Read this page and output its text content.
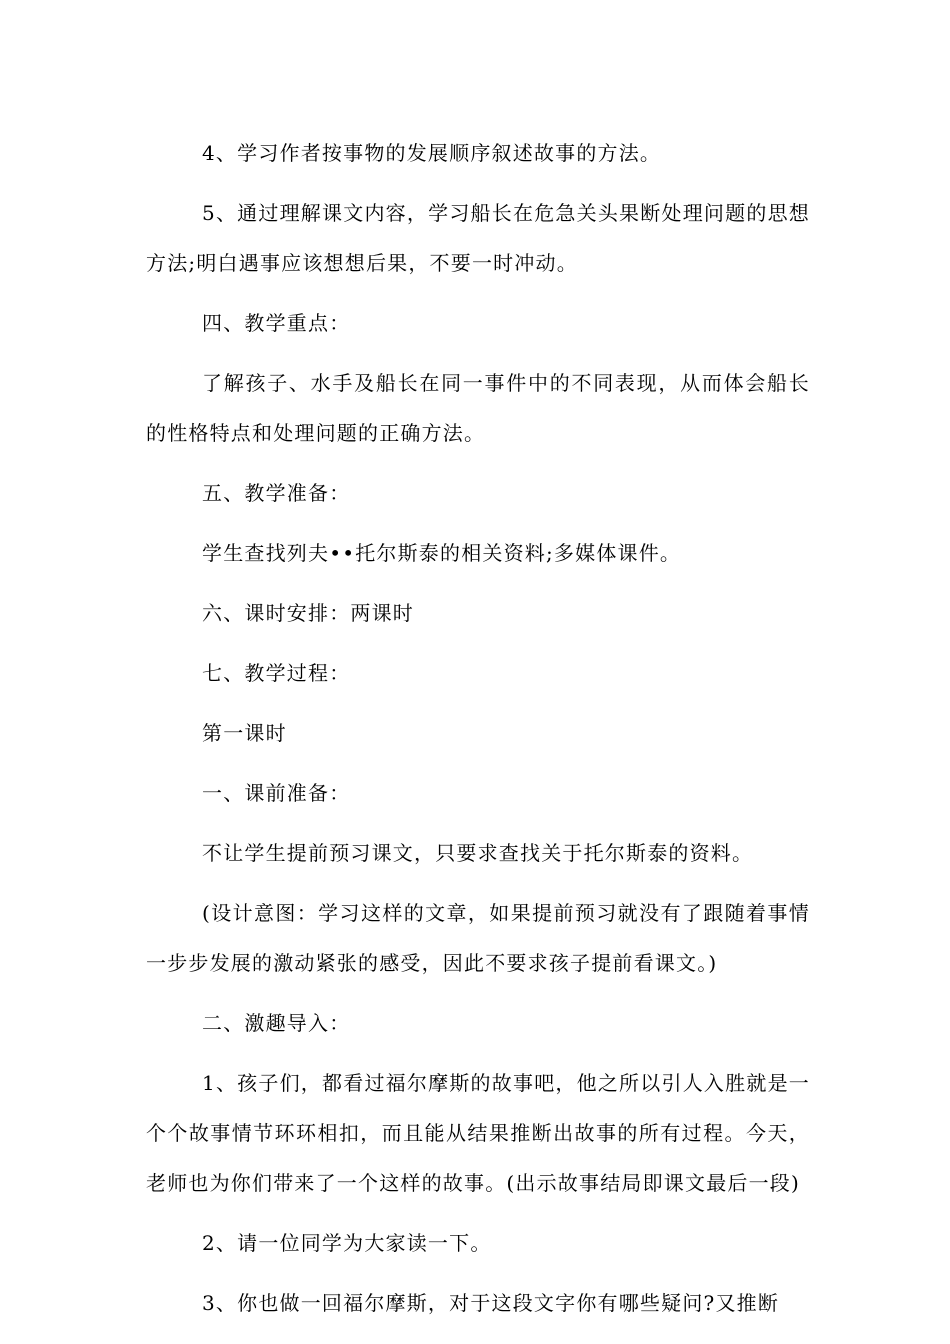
4、学习作者按事物的发展顺序叙述故事的方法。

5、通过理解课文内容，学习船长在危急关头果断处理问题的思想方法;明白遇事应该想想后果，不要一时冲动。

四、教学重点：

了解孩子、水手及船长在同一事件中的不同表现，从而体会船长的性格特点和处理问题的正确方法。

五、教学准备：

学生查找列夫••托尔斯泰的相关资料;多媒体课件。

六、课时安排：两课时

七、教学过程：

第一课时

一、课前准备：

不让学生提前预习课文，只要求查找关于托尔斯泰的资料。

(设计意图：学习这样的文章，如果提前预习就没有了跟随着事情一步步发展的激动紧张的感受，因此不要求孩子提前看课文。)

二、激趣导入：

1、孩子们，都看过福尔摩斯的故事吧，他之所以引人入胜就是一个个故事情节环环相扣，而且能从结果推断出故事的所有过程。今天，老师也为你们带来了一个这样的故事。(出示故事结局即课文最后一段)

2、请一位同学为大家读一下。

3、你也做一回福尔摩斯，对于这段文字你有哪些疑问?又推断
